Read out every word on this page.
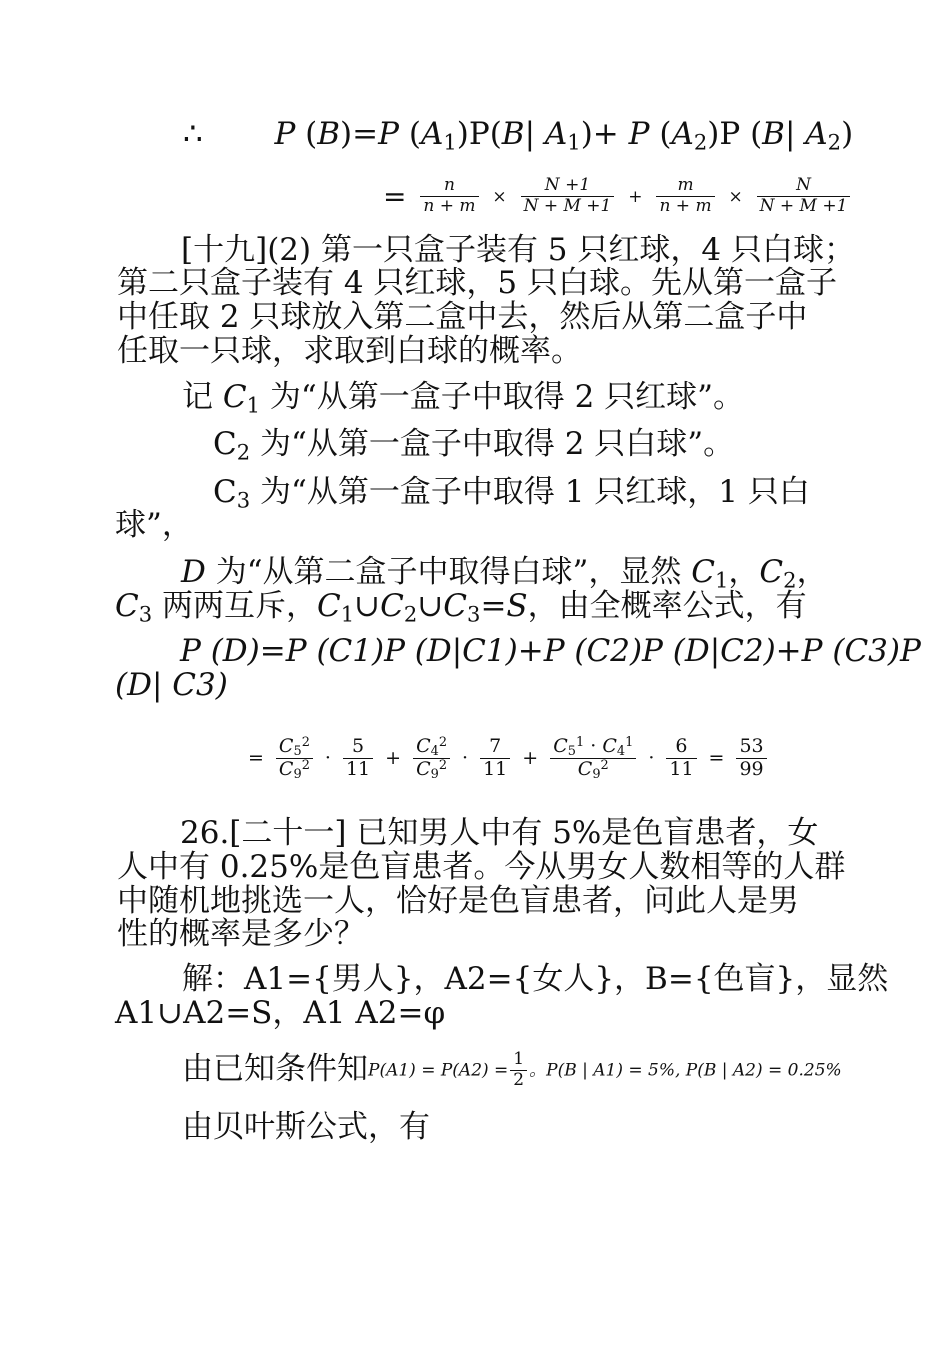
∴ P (B)=P $(A_1)P(B|$ $A_1)+ P$ $(A_2)P$ (B| $A_2$)
= $\frac{n}{n + m} \times \frac{N +1}{N + M +1} + \frac{m}{n + m} \times \frac{N}{N + M +1}$
[十九](2) 第一只盒子装有 5 只红球，4 只白球；
第二只盒子装有 4 只红球，5 只白球。先从第一盒子
中任取 2 只球放入第二盒中去，然后从第二盒子中
任取一只球，求取到白球的概率。
记 $C_1$ 为“从第一盒子中取得 2 只红球”。
$C_2$ 为“从第一盒子中取得 2 只白球”。
$C_3$ 为“从第一盒子中取得 1 只红球，1 只白
球”，
D 为“从第二盒子中取得白球”，显然 $C_1$，$C_2$，
$C_3$ 两两互斥，$C_1\cup C_2\cup C_3=S$，由全概率公式，有
P (D)=P (C1)P (D|C1)+P (C2)P (D|C2)+P (C3)P
(D| C3)
= $\frac{C_5^2}{C_9^2} \cdot \frac{5}{11} + \frac{C_4^2}{C_9^2} \cdot \frac{7}{11} + \frac{C_5^1 \cdot C_4^1}{C_9^2} \cdot \frac{6}{11} = \frac{53}{99}$
26.[二十一] 已知男人中有 5%是色盲患者，女
人中有 0.25%是色盲患者。今从男女人数相等的人群
中随机地挑选一人，恰好是色盲患者，问此人是男
性的概率是多少？
解：A1={男人}，A2={女人}，B={色盲}，显然
A1∪A2=S，A1 A2=φ
由已知条件知$P(A1) = P(A2) = \frac{1}{2}$ 。P(B | A1) = 5%, P(B | A2) = 0.25%
由贝叶斯公式，有
